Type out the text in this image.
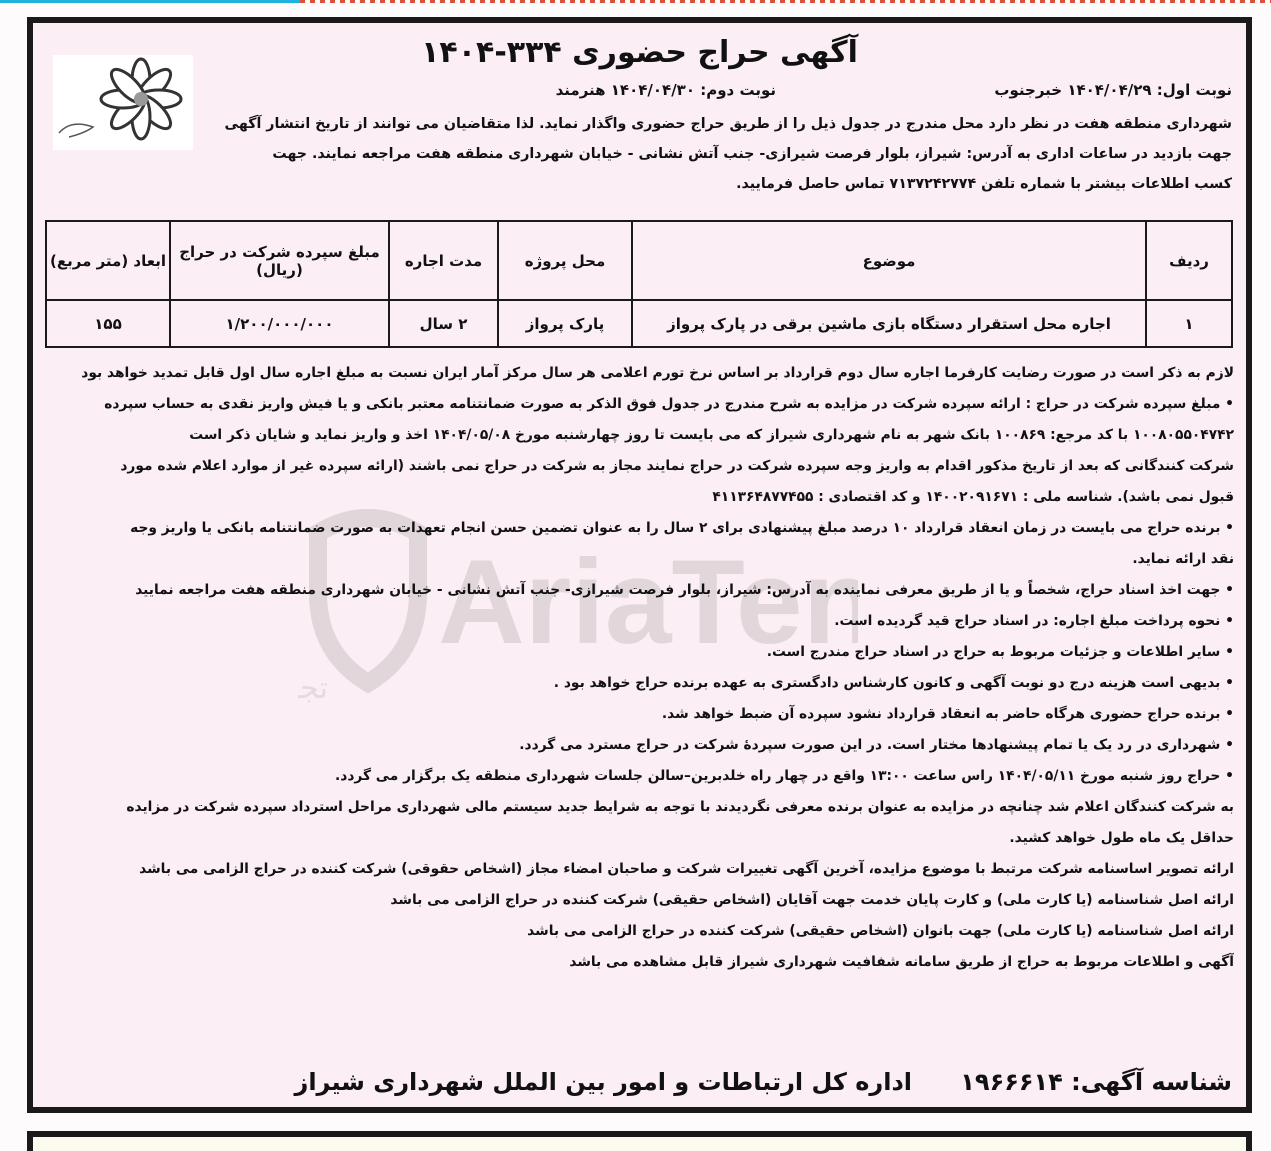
آگهی حراج حضوری ۳۳۴-۱۴۰۴
نوبت اول: ۱۴۰۴/۰۴/۲۹ خبرجنوب
نوبت دوم: ۱۴۰۴/۰۴/۳۰ هنرمند
شهرداری منطقه هفت در نظر دارد محل مندرج در جدول ذیل را از طریق حراج حضوری واگذار نماید. لذا متقاضیان می توانند از تاریخ انتشار آگهی
جهت بازدید در ساعات اداری به آدرس: شیراز، بلوار فرصت شیرازی- جنب آتش نشانی - خیابان شهرداری منطقه هفت مراجعه نمایند. جهت
کسب اطلاعات بیشتر با شماره تلفن ۷۱۳۷۲۴۲۷۷۴ تماس حاصل فرمایید.
ردیف	موضوع	محل پروژه	مدت اجاره	مبلغ سپرده شرکت در حراج (ریال)	ابعاد (متر مربع)
۱	اجاره محل استقرار دستگاه بازی ماشین برقی در پارک پرواز	پارک پرواز	۲ سال	۱/۲۰۰/۰۰۰/۰۰۰	۱۵۵
AriaTen
تج
لازم به ذکر است در صورت رضایت کارفرما اجاره سال دوم قرارداد بر اساس نرخ تورم اعلامی هر سال مرکز آمار ایران نسبت به مبلغ اجاره سال اول قابل تمدید خواهد بود
• مبلغ سپرده شرکت در حراج : ارائه سپرده شرکت در مزایده به شرح مندرج در جدول فوق الذکر به صورت ضمانتنامه معتبر بانکی و یا فیش واریز نقدی به حساب سپرده
۱۰۰۸۰۵۵۰۴۷۴۲ با کد مرجع: ۱۰۰۸۶۹ بانک شهر به نام شهرداری شیراز که می بایست تا روز چهارشنبه مورخ ۱۴۰۴/۰۵/۰۸ اخذ و واریز نماید و شایان ذکر است
شرکت کنندگانی که بعد از تاریخ مذکور اقدام به واریز وجه سپرده شرکت در حراج نمایند مجاز به شرکت در حراج نمی باشند (ارائه سپرده غیر از موارد اعلام شده مورد
قبول نمی باشد). شناسه ملی : ۱۴۰۰۲۰۹۱۶۷۱ و کد اقتصادی : ۴۱۱۳۶۴۸۷۷۴۵۵
• برنده حراج می بایست در زمان انعقاد قرارداد ۱۰ درصد مبلغ پیشنهادی برای ۲ سال را به عنوان تضمین حسن انجام تعهدات به صورت ضمانتنامه بانکی یا واریز وجه
نقد ارائه نماید.
• جهت اخذ اسناد حراج، شخصاً و یا از طریق معرفی نماینده به آدرس: شیراز، بلوار فرصت شیرازی- جنب آتش نشانی - خیابان شهرداری منطقه هفت مراجعه نمایید
• نحوه پرداخت مبلغ اجاره: در اسناد حراج قید گردیده است.
• سایر اطلاعات و جزئیات مربوط به حراج در اسناد حراج مندرج است.
• بدیهی است هزینه درج دو نوبت آگهی و کانون کارشناس دادگستری به عهده برنده حراج خواهد بود .
• برنده حراج حضوری هرگاه حاضر به انعقاد قرارداد نشود سپرده آن ضبط خواهد شد.
• شهرداری در رد یک یا تمام پیشنهادها مختار است. در این صورت سپردهٔ شرکت در حراج مسترد می گردد.
• حراج روز شنبه مورخ ۱۴۰۴/۰۵/۱۱ راس ساعت ۱۳:۰۰ واقع در چهار راه خلدبرین–سالن جلسات شهرداری منطقه یک برگزار می گردد.
به شرکت کنندگان اعلام شد چنانچه در مزایده به عنوان برنده معرفی نگردیدند با توجه به شرایط جدید سیستم مالی شهرداری مراحل استرداد سپرده شرکت در مزایده
حداقل یک ماه طول خواهد کشید.
ارائه تصویر اساسنامه شرکت مرتبط با موضوع مزایده، آخرین آگهی تغییرات شرکت و صاحبان امضاء مجاز (اشخاص حقوقی) شرکت کننده در حراج الزامی می باشد
ارائه اصل شناسنامه (یا کارت ملی) و کارت پایان خدمت جهت آقایان (اشخاص حقیقی) شرکت کننده در حراج الزامی می باشد
ارائه اصل شناسنامه (یا کارت ملی) جهت بانوان (اشخاص حقیقی) شرکت کننده در حراج الزامی می باشد
آگهی و اطلاعات مربوط به حراج از طریق سامانه شفافیت شهرداری شیراز قابل مشاهده می باشد
شناسه آگهی: ۱۹۶۶۶۱۴
اداره کل ارتباطات و امور بین الملل شهرداری شیراز
